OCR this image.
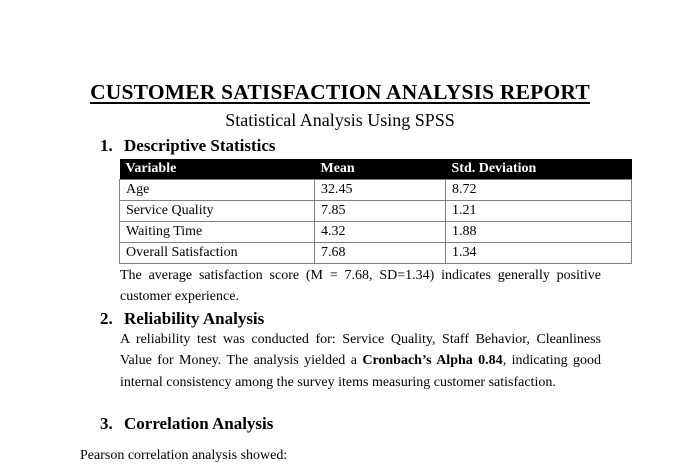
CUSTOMER SATISFACTION ANALYSIS REPORT
Statistical Analysis Using SPSS
1. Descriptive Statistics
Variable	Mean	Std. Deviation
Age	32.45	8.72
Service Quality	7.85	1.21
Waiting Time	4.32	1.88
Overall Satisfaction	7.68	1.34

The average satisfaction score (M = 7.68, SD=1.34) indicates generally positive customer experience.

2. Reliability Analysis

A reliability test was conducted for: Service Quality, Staff Behavior, Cleanliness Value for Money. The analysis yielded a Cronbach’s Alpha 0.84, indicating good internal consistency among the survey items measuring customer satisfaction.

3. Correlation Analysis
Pearson correlation analysis showed:
